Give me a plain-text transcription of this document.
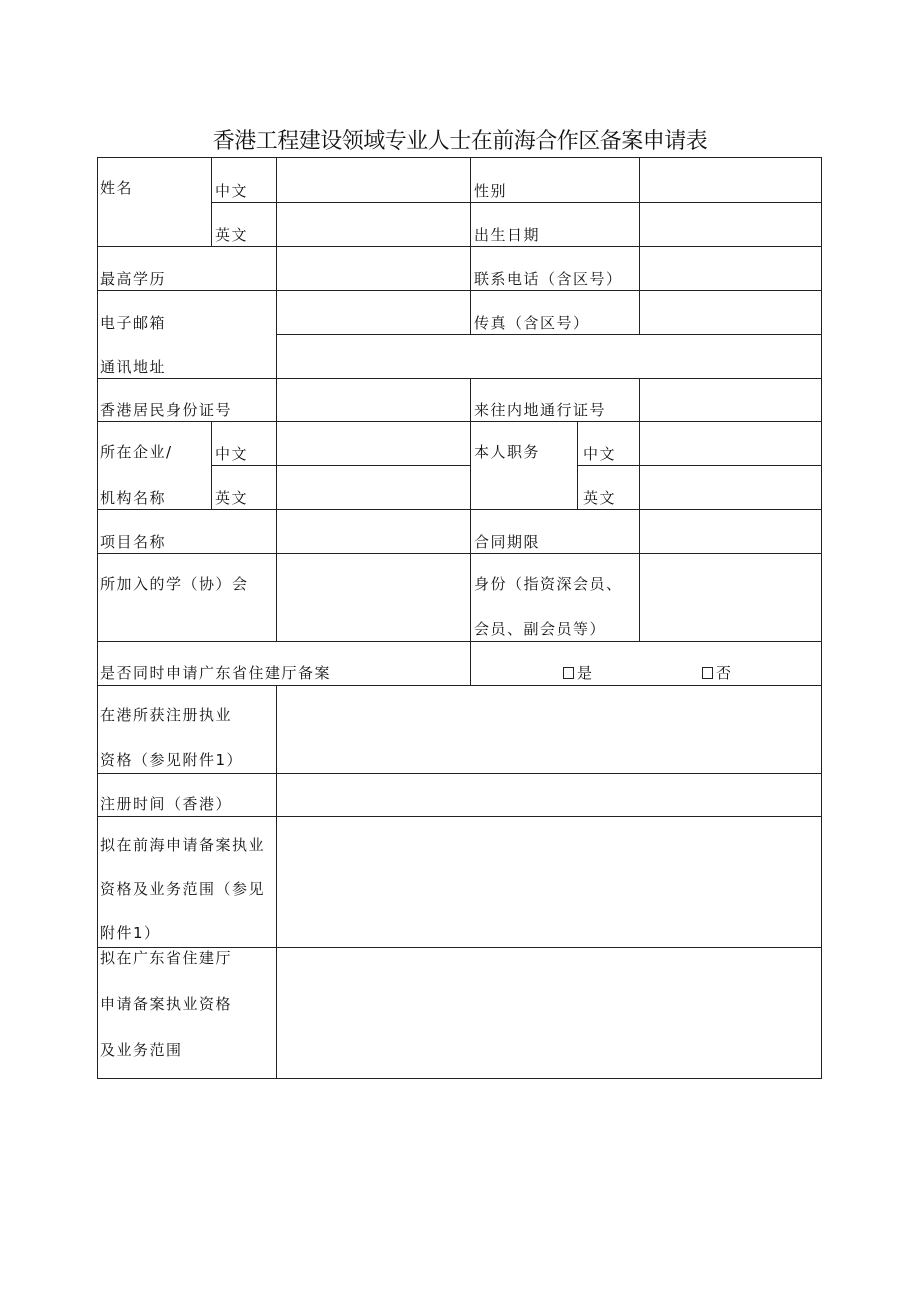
香港工程建设领域专业人士在前海合作区备案申请表
姓名	中文	性别
英文	出生日期
最高学历	联系电话（含区号）
电子邮箱	传真（含区号）
通讯地址
香港居民身份证号	来往内地通行证号
所在企业/	中文	本人职务	中文
机构名称	英文	英文
项目名称	合同期限
所加入的学（协）会	身份（指资深会员、
会员、副会员等）
是否同时申请广东省住建厅备案	是	否
在港所获注册执业
资格（参见附件1）
注册时间（香港）
拟在前海申请备案执业
资格及业务范围（参见
附件1）
拟在广东省住建厅
申请备案执业资格
及业务范围
